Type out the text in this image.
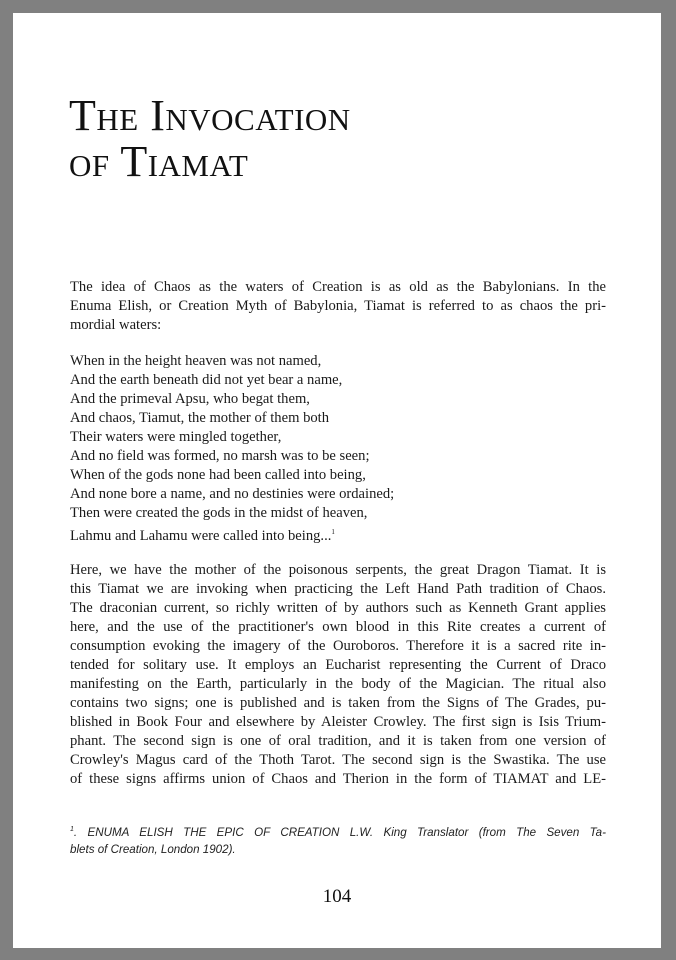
The Invocation
of Tiamat
The idea of Chaos as the waters of Creation is as old as the Babylonians. In the
Enuma Elish, or Creation Myth of Babylonia, Tiamat is referred to as chaos the pri-
mordial waters:
When in the height heaven was not named,
And the earth beneath did not yet bear a name,
And the primeval Apsu, who begat them,
And chaos, Tiamut, the mother of them both
Their waters were mingled together,
And no field was formed, no marsh was to be seen;
When of the gods none had been called into being,
And none bore a name, and no destinies were ordained;
Then were created the gods in the midst of heaven,
Lahmu and Lahamu were called into being...$^1$
Here, we have the mother of the poisonous serpents, the great Dragon Tiamat. It is
this Tiamat we are invoking when practicing the Left Hand Path tradition of Chaos.
The draconian current, so richly written of by authors such as Kenneth Grant applies
here, and the use of the practitioner's own blood in this Rite creates a current of
consumption evoking the imagery of the Ouroboros. Therefore it is a sacred rite in-
tended for solitary use. It employs an Eucharist representing the Current of Draco
manifesting on the Earth, particularly in the body of the Magician. The ritual also
contains two signs; one is published and is taken from the Signs of The Grades, pu-
blished in Book Four and elsewhere by Aleister Crowley. The first sign is Isis Trium-
phant. The second sign is one of oral tradition, and it is taken from one version of
Crowley's Magus card of the Thoth Tarot. The second sign is the Swastika. The use
of these signs affirms union of Chaos and Therion in the form of TIAMAT and LE-
$^1$. ENUMA ELISH THE EPIC OF CREATION L.W. King Translator (from The Seven Ta-
blets of Creation, London 1902).
104
